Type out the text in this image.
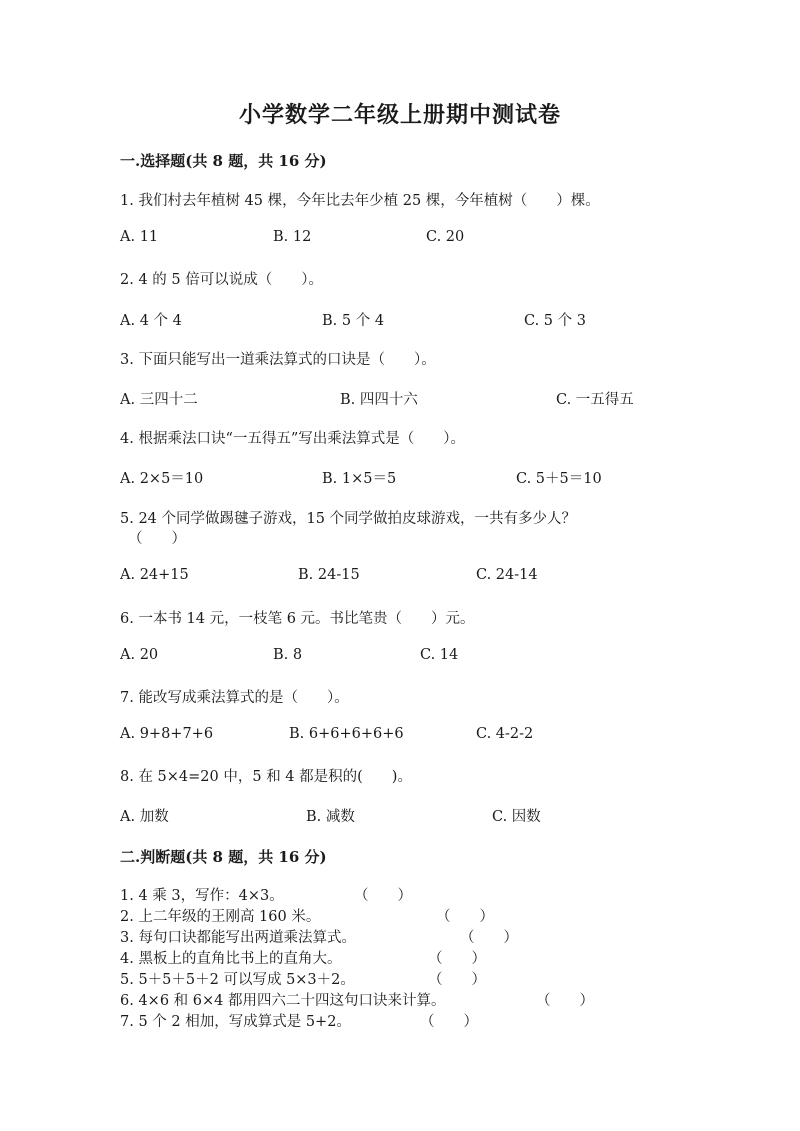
小学数学二年级上册期中测试卷
一.选择题(共 8 题，共 16 分)
1. 我们村去年植树 45 棵，今年比去年少植 25 棵，今年植树（　　）棵。
A. 11	B. 12	C. 20
2. 4 的 5 倍可以说成（　　）。
A. 4 个 4	B. 5 个 4	C. 5 个 3
3. 下面只能写出一道乘法算式的口诀是（　　）。
A. 三四十二	B. 四四十六	C. 一五得五
4. 根据乘法口诀“一五得五”写出乘法算式是（　　）。
A. 2×5＝10	B. 1×5＝5	C. 5＋5＝10
5. 24 个同学做踢毽子游戏，15 个同学做拍皮球游戏，一共有多少人？
（　　）
A. 24+15	B. 24-15	C. 24-14
6. 一本书 14 元，一枝笔 6 元。书比笔贵（　　）元。
A. 20	B. 8	C. 14
7. 能改写成乘法算式的是（　　）。
A. 9+8+7+6	B. 6+6+6+6+6	C. 4-2-2
8. 在 5×4=20 中，5 和 4 都是积的(　　)。
A. 加数	B. 减数	C. 因数
二.判断题(共 8 题，共 16 分)
1. 4 乘 3，写作：4×3。	（　　）
2. 上二年级的王刚高 160 米。	（　　）
3. 每句口诀都能写出两道乘法算式。	（　　）
4. 黑板上的直角比书上的直角大。	（　　）
5. 5＋5＋5＋2 可以写成 5×3＋2。	（　　）
6. 4×6 和 6×4 都用四六二十四这句口诀来计算。	（　　）
7. 5 个 2 相加，写成算式是 5+2。	（　　）
